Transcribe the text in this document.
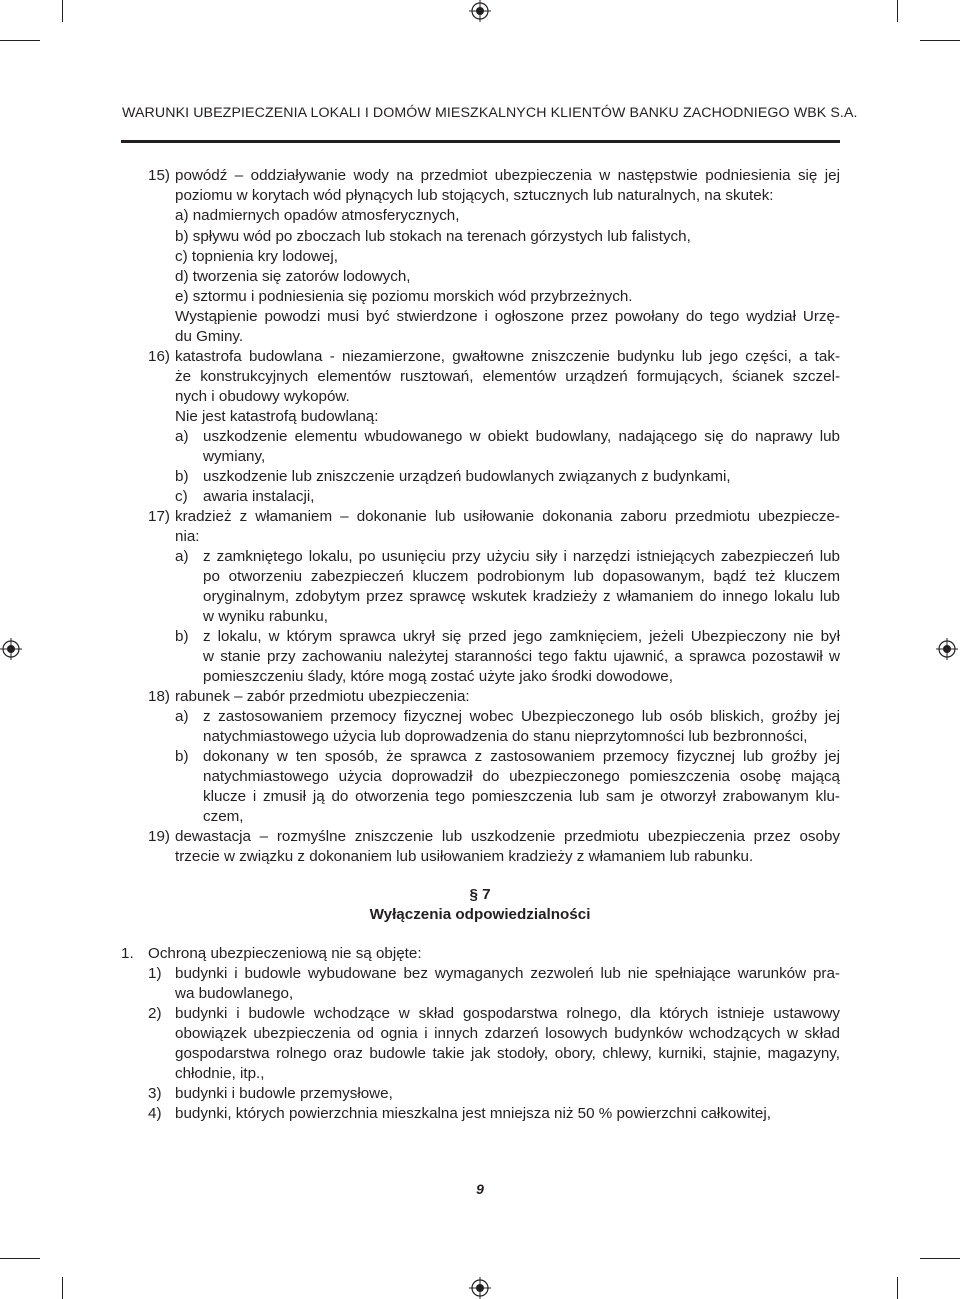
WARUNKI UBEZPIECZENIA LOKALI I DOMÓW MIESZKALNYCH KLIENTÓW BANKU ZACHODNIEGO WBK S.A.
15) powódź – oddziaływanie wody na przedmiot ubezpieczenia w następstwie podniesienia się jej
poziomu w korytach wód płynących lub stojących, sztucznych lub naturalnych, na skutek:
a) nadmiernych opadów atmosferycznych,
b) spływu wód po zboczach lub stokach na terenach górzystych lub falistych,
c) topnienia kry lodowej,
d) tworzenia się zatorów lodowych,
e) sztormu i podniesienia się poziomu morskich wód przybrzeżnych.
Wystąpienie powodzi musi być stwierdzone i ogłoszone przez powołany do tego wydział Urzę-
du Gminy.
16) katastrofa budowlana - niezamierzone, gwałtowne zniszczenie budynku lub jego części, a tak-
że konstrukcyjnych elementów rusztowań, elementów urządzeń formujących, ścianek szczel-
nych i obudowy wykopów.
Nie jest katastrofą budowlaną:
a) uszkodzenie elementu wbudowanego w obiekt budowlany, nadającego się do naprawy lub
wymiany,
b) uszkodzenie lub zniszczenie urządzeń budowlanych związanych z budynkami,
c) awaria instalacji,
17) kradzież z włamaniem – dokonanie lub usiłowanie dokonania zaboru przedmiotu ubezpiecze-
nia:
a) z zamkniętego lokalu, po usunięciu przy użyciu siły i narzędzi istniejących zabezpieczeń lub
po otworzeniu zabezpieczeń kluczem podrobionym lub dopasowanym, bądź też kluczem
oryginalnym, zdobytym przez sprawcę wskutek kradzieży z włamaniem do innego lokalu lub
w wyniku rabunku,
b) z lokalu, w którym sprawca ukrył się przed jego zamknięciem, jeżeli Ubezpieczony nie był
w stanie przy zachowaniu należytej staranności tego faktu ujawnić, a sprawca pozostawił w
pomieszczeniu ślady, które mogą zostać użyte jako środki dowodowe,
18) rabunek – zabór przedmiotu ubezpieczenia:
a) z zastosowaniem przemocy fizycznej wobec Ubezpieczonego lub osób bliskich, groźby jej
natychmiastowego użycia lub doprowadzenia do stanu nieprzytomności lub bezbronności,
b) dokonany w ten sposób, że sprawca z zastosowaniem przemocy fizycznej lub groźby jej
natychmiastowego użycia doprowadził do ubezpieczonego pomieszczenia osobę mającą
klucze i zmusił ją do otworzenia tego pomieszczenia lub sam je otworzył zrabowanym klu-
czem,
19) dewastacja – rozmyślne zniszczenie lub uszkodzenie przedmiotu ubezpieczenia przez osoby
trzecie w związku z dokonaniem lub usiłowaniem kradzieży z włamaniem lub rabunku.
§ 7
Wyłączenia odpowiedzialności
1. Ochroną ubezpieczeniową nie są objęte:
1) budynki i budowle wybudowane bez wymaganych zezwoleń lub nie spełniające warunków pra-
wa budowlanego,
2) budynki i budowle wchodzące w skład gospodarstwa rolnego, dla których istnieje ustawowy
obowiązek ubezpieczenia od ognia i innych zdarzeń losowych budynków wchodzących w skład
gospodarstwa rolnego oraz budowle takie jak stodoły, obory, chlewy, kurniki, stajnie, magazyny,
chłodnie, itp.,
3) budynki i budowle przemysłowe,
4) budynki, których powierzchnia mieszkalna jest mniejsza niż 50 % powierzchni całkowitej,
9
